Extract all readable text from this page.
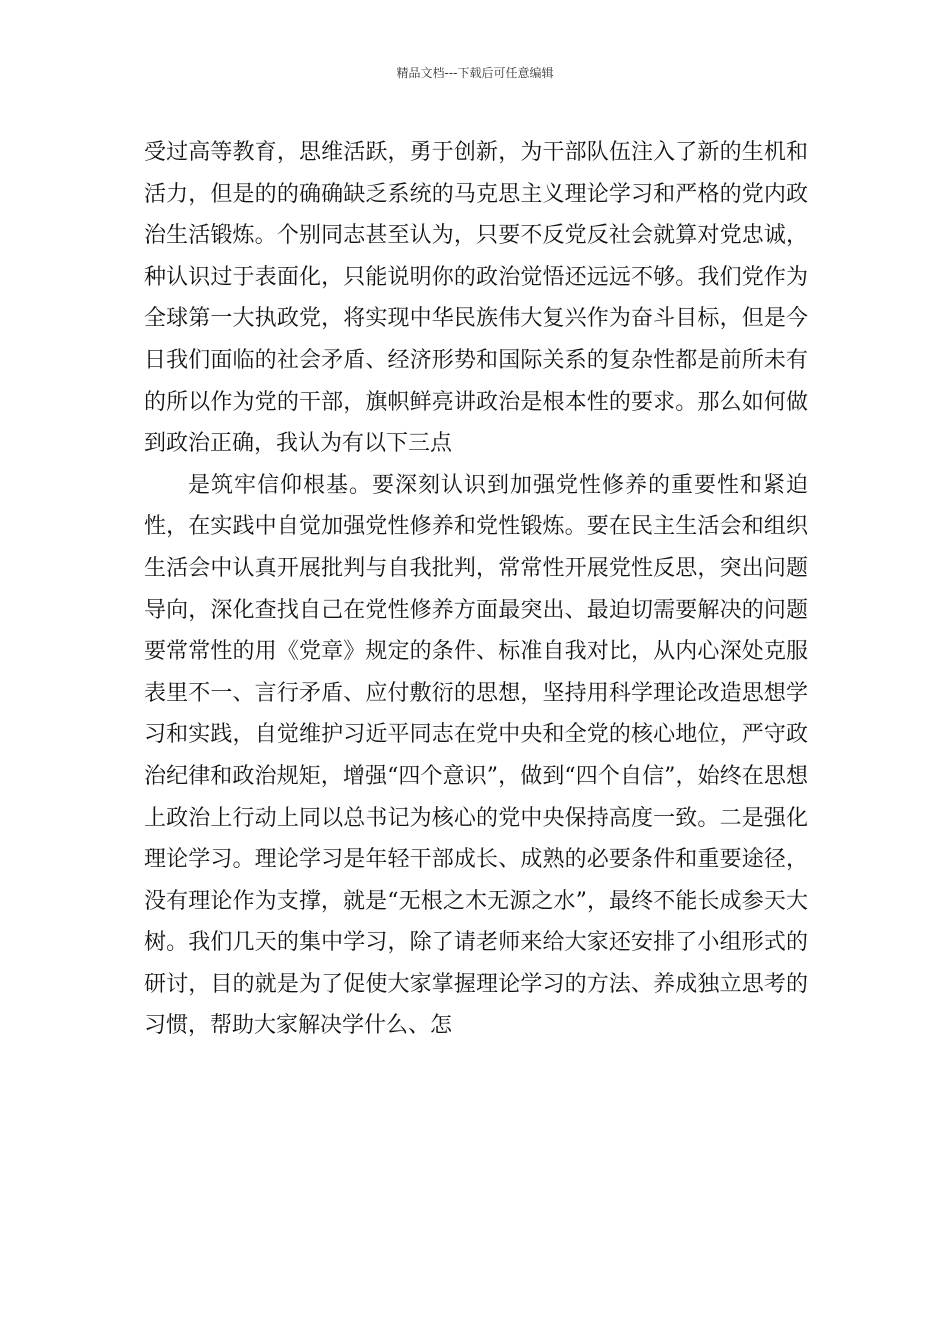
精品文档---下载后可任意编辑

受过高等教育，思维活跃，勇于创新，为干部队伍注入了新的生机和活力，但是的的确确缺乏系统的马克思主义理论学习和严格的党内政治生活锻炼。个别同志甚至认为，只要不反党反社会就算对党忠诚，种认识过于表面化，只能说明你的政治觉悟还远远不够。我们党作为全球第一大执政党，将实现中华民族伟大复兴作为奋斗目标，但是今日我们面临的社会矛盾、经济形势和国际关系的复杂性都是前所未有的所以作为党的干部，旗帜鲜亮讲政治是根本性的要求。那么如何做到政治正确，我认为有以下三点

是筑牢信仰根基。要深刻认识到加强党性修养的重要性和紧迫性，在实践中自觉加强党性修养和党性锻炼。要在民主生活会和组织生活会中认真开展批判与自我批判，常常性开展党性反思，突出问题导向，深化查找自己在党性修养方面最突出、最迫切需要解决的问题要常常性的用《党章》规定的条件、标准自我对比，从内心深处克服表里不一、言行矛盾、应付敷衍的思想，坚持用科学理论改造思想学习和实践，自觉维护习近平同志在党中央和全党的核心地位，严守政治纪律和政治规矩，增强“四个意识”，做到“四个自信”，始终在思想上政治上行动上同以总书记为核心的党中央保持高度一致。二是强化理论学习。理论学习是年轻干部成长、成熟的必要条件和重要途径，没有理论作为支撑，就是“无根之木无源之水”，最终不能长成参天大树。我们几天的集中学习，除了请老师来给大家还安排了小组形式的研讨，目的就是为了促使大家掌握理论学习的方法、养成独立思考的习惯，帮助大家解决学什么、怎
